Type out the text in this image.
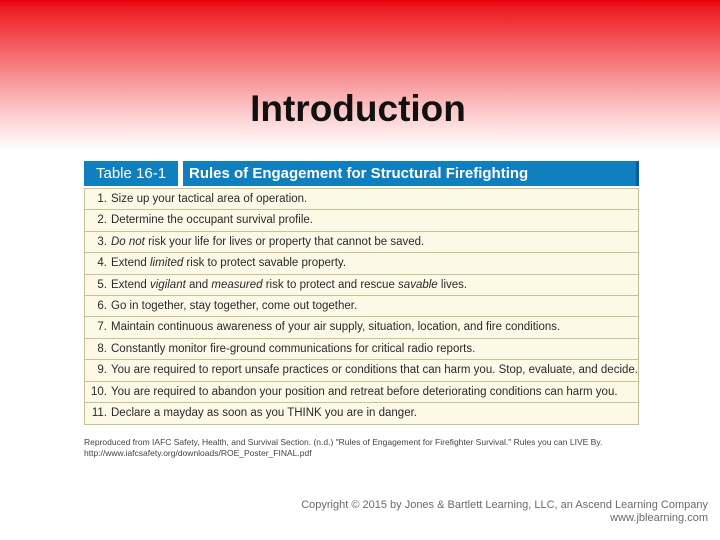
Introduction
Table 16-1	Rules of Engagement for Structural Firefighting
1. Size up your tactical area of operation.
2. Determine the occupant survival profile.
3. Do not risk your life for lives or property that cannot be saved.
4. Extend limited risk to protect savable property.
5. Extend vigilant and measured risk to protect and rescue savable lives.
6. Go in together, stay together, come out together.
7. Maintain continuous awareness of your air supply, situation, location, and fire conditions.
8. Constantly monitor fire-ground communications for critical radio reports.
9. You are required to report unsafe practices or conditions that can harm you. Stop, evaluate, and decide.
10. You are required to abandon your position and retreat before deteriorating conditions can harm you.
11. Declare a mayday as soon as you THINK you are in danger.
Reproduced from IAFC Safety, Health, and Survival Section. (n.d.) "Rules of Engagement for Firefighter Survival." Rules you can LIVE By.
http://www.iafcsafety.org/downloads/ROE_Poster_FINAL.pdf
Copyright © 2015 by Jones & Bartlett Learning, LLC, an Ascend Learning Company
www.jblearning.com
